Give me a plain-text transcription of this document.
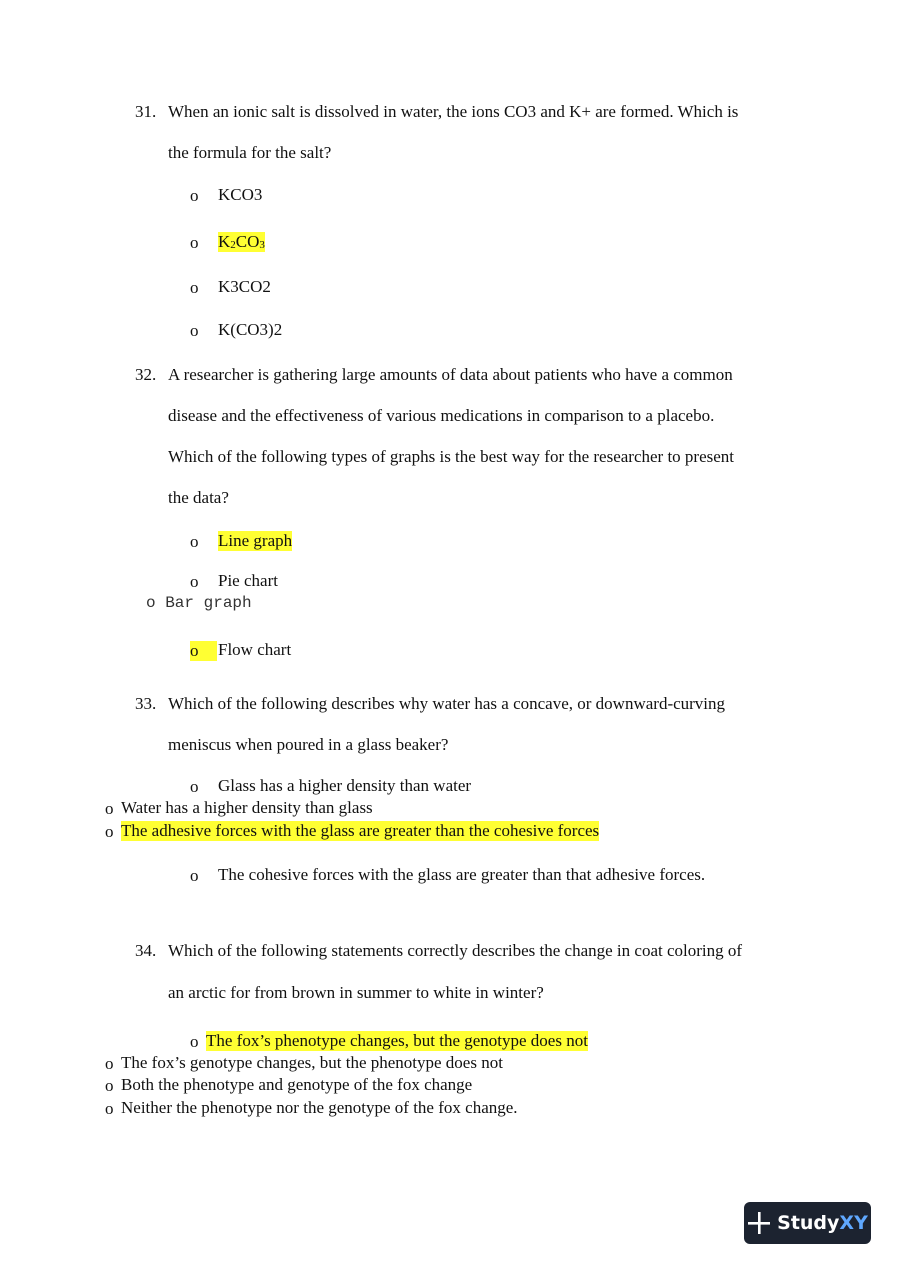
31. When an ionic salt is dissolved in water, the ions CO3 and K+ are formed. Which is
the formula for the salt?
o KCO3
o $K_2CO_3$
o K3CO2
o K(CO3)2
32. A researcher is gathering large amounts of data about patients who have a common
disease and the effectiveness of various medications in comparison to a placebo.
Which of the following types of graphs is the best way for the researcher to present
the data?
o Line graph
o Pie chart
o Bar graph
o	Flow chart
33. Which of the following describes why water has a concave, or downward-curving
meniscus when poured in a glass beaker?
o Glass has a higher density than water
o Water has a higher density than glass
o The adhesive forces with the glass are greater than the cohesive forces
o The cohesive forces with the glass are greater than that adhesive forces.
34. Which of the following statements correctly describes the change in coat coloring of
an arctic for from brown in summer to white in winter?
o The fox’s phenotype changes, but the genotype does not
o The fox’s genotype changes, but the phenotype does not
o Both the phenotype and genotype of the fox change
o Neither the phenotype nor the genotype of the fox change.
StudyXY
